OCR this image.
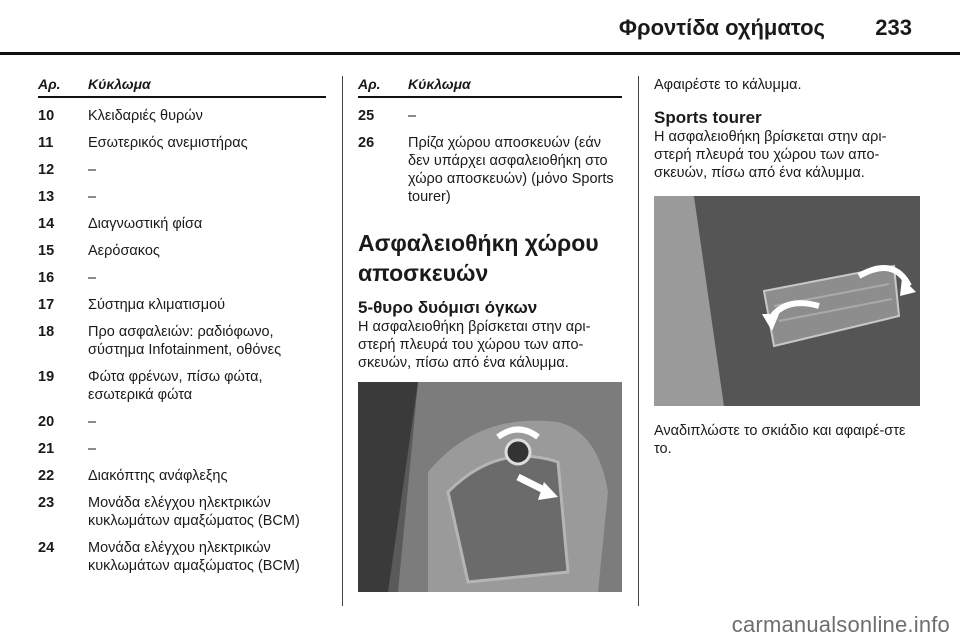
Φροντίδα οχήματος 233
Αρ.	Κύκλωμα
10	Κλειδαριές θυρών
11	Εσωτερικός ανεμιστήρας
12	–
13	–
14	Διαγνωστική φίσα
15	Αερόσακος
16	–
17	Σύστημα κλιματισμού
18	Προ ασφαλειών: ραδιόφωνο, σύστημα Infotainment, οθόνες
19	Φώτα φρένων, πίσω φώτα, εσωτερικά φώτα
20	–
21	–
22	Διακόπτης ανάφλεξης
23	Μονάδα ελέγχου ηλεκτρικών κυκλωμάτων αμαξώματος (BCM)
24	Μονάδα ελέγχου ηλεκτρικών κυκλωμάτων αμαξώματος (BCM)
Αρ.	Κύκλωμα
25	–
26	Πρίζα χώρου αποσκευών (εάν δεν υπάρχει ασφαλειοθήκη στο χώρο αποσκευών) (μόνο Sports tourer)
Ασφαλειοθήκη χώρου αποσκευών
5-θυρο δυόμισι όγκων
Η ασφαλειοθήκη βρίσκεται στην αρι-στερή πλευρά του χώρου των απο-σκευών, πίσω από ένα κάλυμμα.
Αφαιρέστε το κάλυμμα.
Sports tourer
Η ασφαλειοθήκη βρίσκεται στην αρι-στερή πλευρά του χώρου των απο-σκευών, πίσω από ένα κάλυμμα.
Αναδιπλώστε το σκιάδιο και αφαιρέ-στε το.
carmanualsonline.info
